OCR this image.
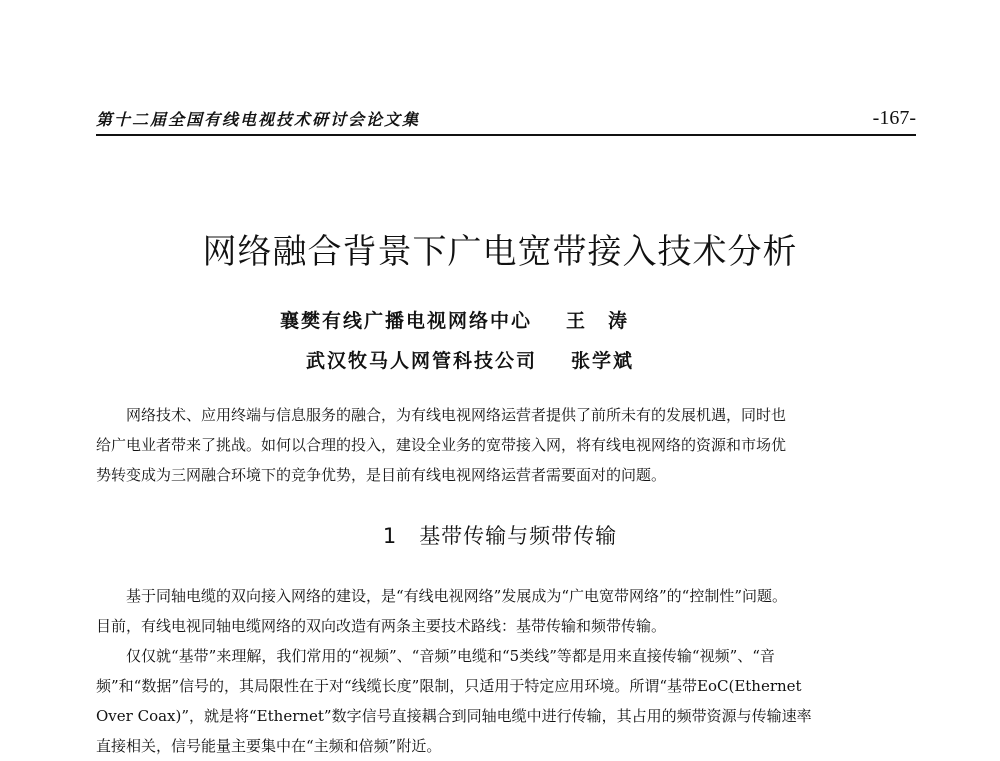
第十二届全国有线电视技术研讨会论文集	-167-
网络融合背景下广电宽带接入技术分析
襄樊有线广播电视网络中心 王　涛
武汉牧马人网管科技公司 张学斌
网络技术、应用终端与信息服务的融合，为有线电视网络运营者提供了前所未有的发展机遇，同时也
给广电业者带来了挑战。如何以合理的投入，建设全业务的宽带接入网，将有线电视网络的资源和市场优
势转变成为三网融合环境下的竞争优势，是目前有线电视网络运营者需要面对的问题。
1 基带传输与频带传输
基于同轴电缆的双向接入网络的建设，是“有线电视网络”发展成为“广电宽带网络”的“控制性”问题。
目前，有线电视同轴电缆网络的双向改造有两条主要技术路线：基带传输和频带传输。
仅仅就“基带”来理解，我们常用的“视频”、“音频”电缆和“5类线”等都是用来直接传输“视频”、“音
频”和“数据”信号的，其局限性在于对“线缆长度”限制，只适用于特定应用环境。所谓“基带EoC(Ethernet
Over Coax)”，就是将“Ethernet”数字信号直接耦合到同轴电缆中进行传输，其占用的频带资源与传输速率
直接相关，信号能量主要集中在“主频和倍频”附近。
